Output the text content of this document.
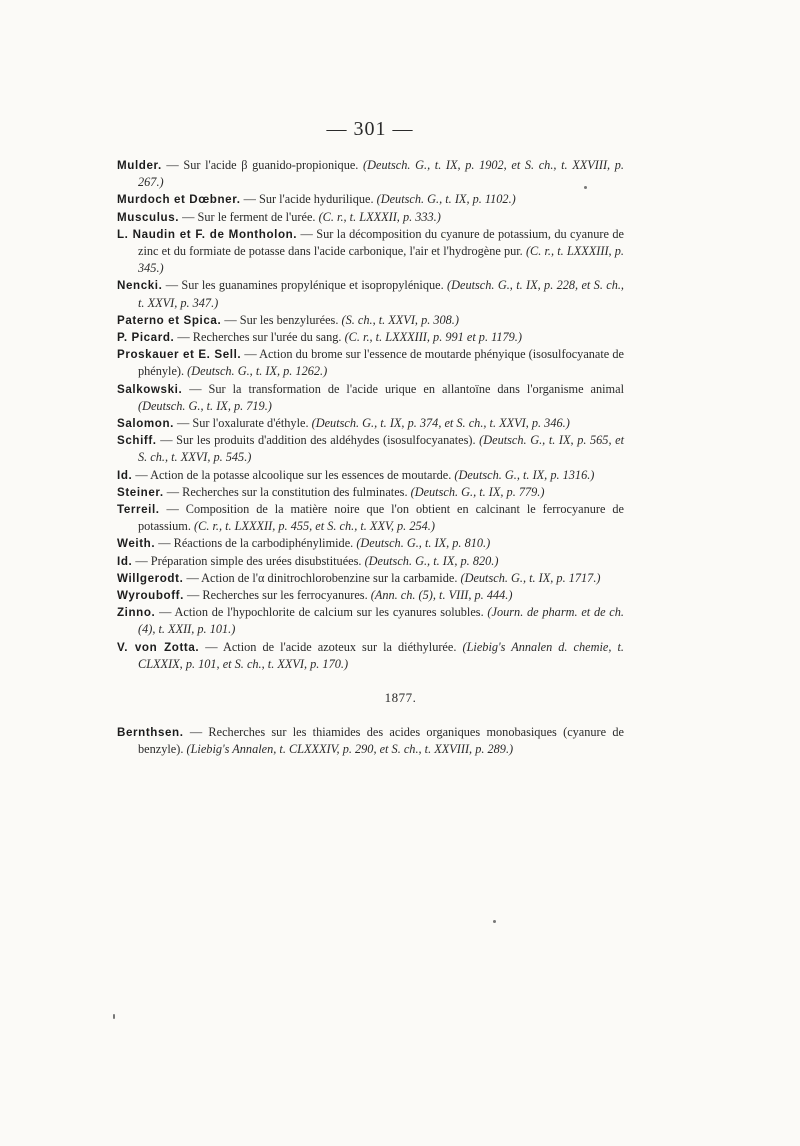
— 301 —

Mulder. — Sur l'acide β guanido-propionique. (Deutsch. G., t. IX, p. 1902, et S. ch., t. XXVIII, p. 267.)

Murdoch et Dœbner. — Sur l'acide hydurilique. (Deutsch. G., t. IX, p. 1102.)

Musculus. — Sur le ferment de l'urée. (C. r., t. LXXXII, p. 333.)

L. Naudin et F. de Montholon. — Sur la décomposition du cyanure de potassium, du cyanure de zinc et du formiate de potasse dans l'acide carbonique, l'air et l'hydrogène pur. (C. r., t. LXXXIII, p. 345.)

Nencki. — Sur les guanamines propylénique et isopropylénique. (Deutsch. G., t. IX, p. 228, et S. ch., t. XXVI, p. 347.)

Paterno et Spica. — Sur les benzylurées. (S. ch., t. XXVI, p. 308.)

P. Picard. — Recherches sur l'urée du sang. (C. r., t. LXXXIII, p. 991 et p. 1179.)

Proskauer et E. Sell. — Action du brome sur l'essence de moutarde phényique (isosulfocyanate de phényle). (Deutsch. G., t. IX, p. 1262.)

Salkowski. — Sur la transformation de l'acide urique en allantoïne dans l'organisme animal (Deutsch. G., t. IX, p. 719.)

Salomon. — Sur l'oxalurate d'éthyle. (Deutsch. G., t. IX, p. 374, et S. ch., t. XXVI, p. 346.)

Schiff. — Sur les produits d'addition des aldéhydes (isosulfocyanates). (Deutsch. G., t. IX, p. 565, et S. ch., t. XXVI, p. 545.)

Id. — Action de la potasse alcoolique sur les essences de moutarde. (Deutsch. G., t. IX, p. 1316.)

Steiner. — Recherches sur la constitution des fulminates. (Deutsch. G., t. IX, p. 779.)

Terreil. — Composition de la matière noire que l'on obtient en calcinant le ferrocyanure de potassium. (C. r., t. LXXXII, p. 455, et S. ch., t. XXV, p. 254.)

Weith. — Réactions de la carbodiphénylimide. (Deutsch. G., t. IX, p. 810.)

Id. — Préparation simple des urées disubstituées. (Deutsch. G., t. IX, p. 820.)

Willgerodt. — Action de l'α dinitrochlorobenzine sur la carbamide. (Deutsch. G., t. IX, p. 1717.)

Wyrouboff. — Recherches sur les ferrocyanures. (Ann. ch. (5), t. VIII, p. 444.)

Zinno. — Action de l'hypochlorite de calcium sur les cyanures solubles. (Journ. de pharm. et de ch. (4), t. XXII, p. 101.)

V. von Zotta. — Action de l'acide azoteux sur la diéthylurée. (Liebig's Annalen d. chemie, t. CLXXIX, p. 101, et S. ch., t. XXVI, p. 170.)

1877.

Bernthsen. — Recherches sur les thiamides des acides organiques monobasiques (cyanure de benzyle). (Liebig's Annalen, t. CLXXXIV, p. 290, et S. ch., t. XXVIII, p. 289.)
